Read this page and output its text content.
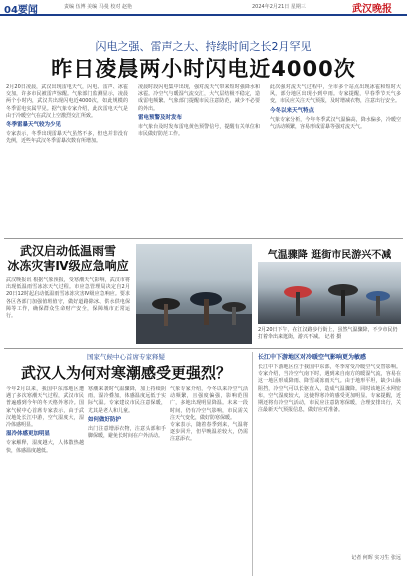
04要闻	责编 伍博 美编 马曼 校对 赵艳	2024年2月21日 星期三	武汉晚报
闪电之强、雷声之大、持续时间之长2月罕见
昨日凌晨两小时闪电近4000次
2月20日凌晨，武汉出现雷电天气，闪电、雷声、冰雹交加，许多市民被雷声惊醒。气象部门监测显示，凌晨两个小时内，武汉共出现闪电近4000次，如此规模的冬季雷电实属罕见。据气象专家介绍，此次雷电天气是由于冷暖空气在武汉上空激烈交汇所致。
冬季雷暴天气较为少见
专家表示，冬季出现雷暴天气虽然不多，但也并非没有先例，近些年武汉冬季雷暴次数有所增加。
凌晨时段闪电集中出现，强对流天气带来短时强降水和冰雹。冷空气与暖湿气流交汇，大气层结极不稳定，造成雷电频繁。气象部门提醒市民注意防范，减少不必要的外出。
雷电预警及时发布
市气象台及时发布雷电黄色预警信号，提醒有关单位和市民做好防范工作。
此次强对流天气过程中，全市多个站点出现冰雹和短时大风，部分地区出现小到中雨。专家提醒，早春季节天气多变，市民应关注天气预报，及时增减衣物，注意出行安全。
今冬以来天气特点
气象专家分析，今年冬季武汉气温偏高，降水偏多，冷暖空气活动频繁，容易形成雷暴等强对流天气。
武汉启动低温雨雪
冰冻灾害Ⅳ级应急响应
武汉晚报讯 根据气象预报，受寒潮天气影响，武汉市将出现低温雨雪冰冻天气过程。市应急管理局决定自2月20日12时起启动低温雨雪冰冻灾害Ⅳ级应急响应。要求各区各部门加强值班值守，做好道路除冰、供水供电保障等工作，确保群众生命财产安全，保障城市正常运行。
气温骤降 逛街市民游兴不减
2月20日下午，在江汉路步行街上，虽然气温骤降，不少市民仍打着伞出来逛街，游兴不减。 记者 摄
国家气候中心首席专家释疑
武汉人为何对寒潮感受更强烈？
今年2月以来，我国中东部地区遭遇了多次寒潮天气过程，武汉市民普遍感到今年的冬天格外寒冷。国家气候中心首席专家表示，由于武汉地处长江中游，空气湿度大，湿冷体感明显。
湿冷体感更加明显
专家解释，湿度越大，人体散热越快，体感温度越低。
寒潮来袭时气温骤降，加上持续阴雨，湿冷叠加，体感温度远低于实际气温。专家建议市民注意保暖，尤其是老人和儿童。
如何做好防护
出门注意增添衣物，注意头部和手脚保暖，避免长时间在户外活动。
气象专家介绍，今冬以来冷空气活动频繁，且强度偏强，影响范围广，多地出现明显降温。未来一段时间，仍有冷空气影响，市民需关注天气变化，做好防寒保暖。
专家表示，随着春季到来，气温将逐步回升，但早晚温差较大，仍需注意添衣。
长江中下游地区对冷暖空气影响更为敏感
长江中下游地区位于我国中东部，冬季常受冷暖空气交替影响。专家介绍，当冷空气南下时，遇到来自南方的暖湿气流，容易在这一地区形成降雨、降雪或冻雨天气。由于地形平坦，缺少山脉阻挡，冷空气可以长驱直入，造成气温骤降。同时该地区水网密布，空气湿度较大，这使得寒冷的感受更加明显。专家提醒，近期还将有冷空气活动，市民应注意防寒保暖，合理安排出行，关注最新天气预报信息，做好应对准备。
记者 何晖 实习生 张远
